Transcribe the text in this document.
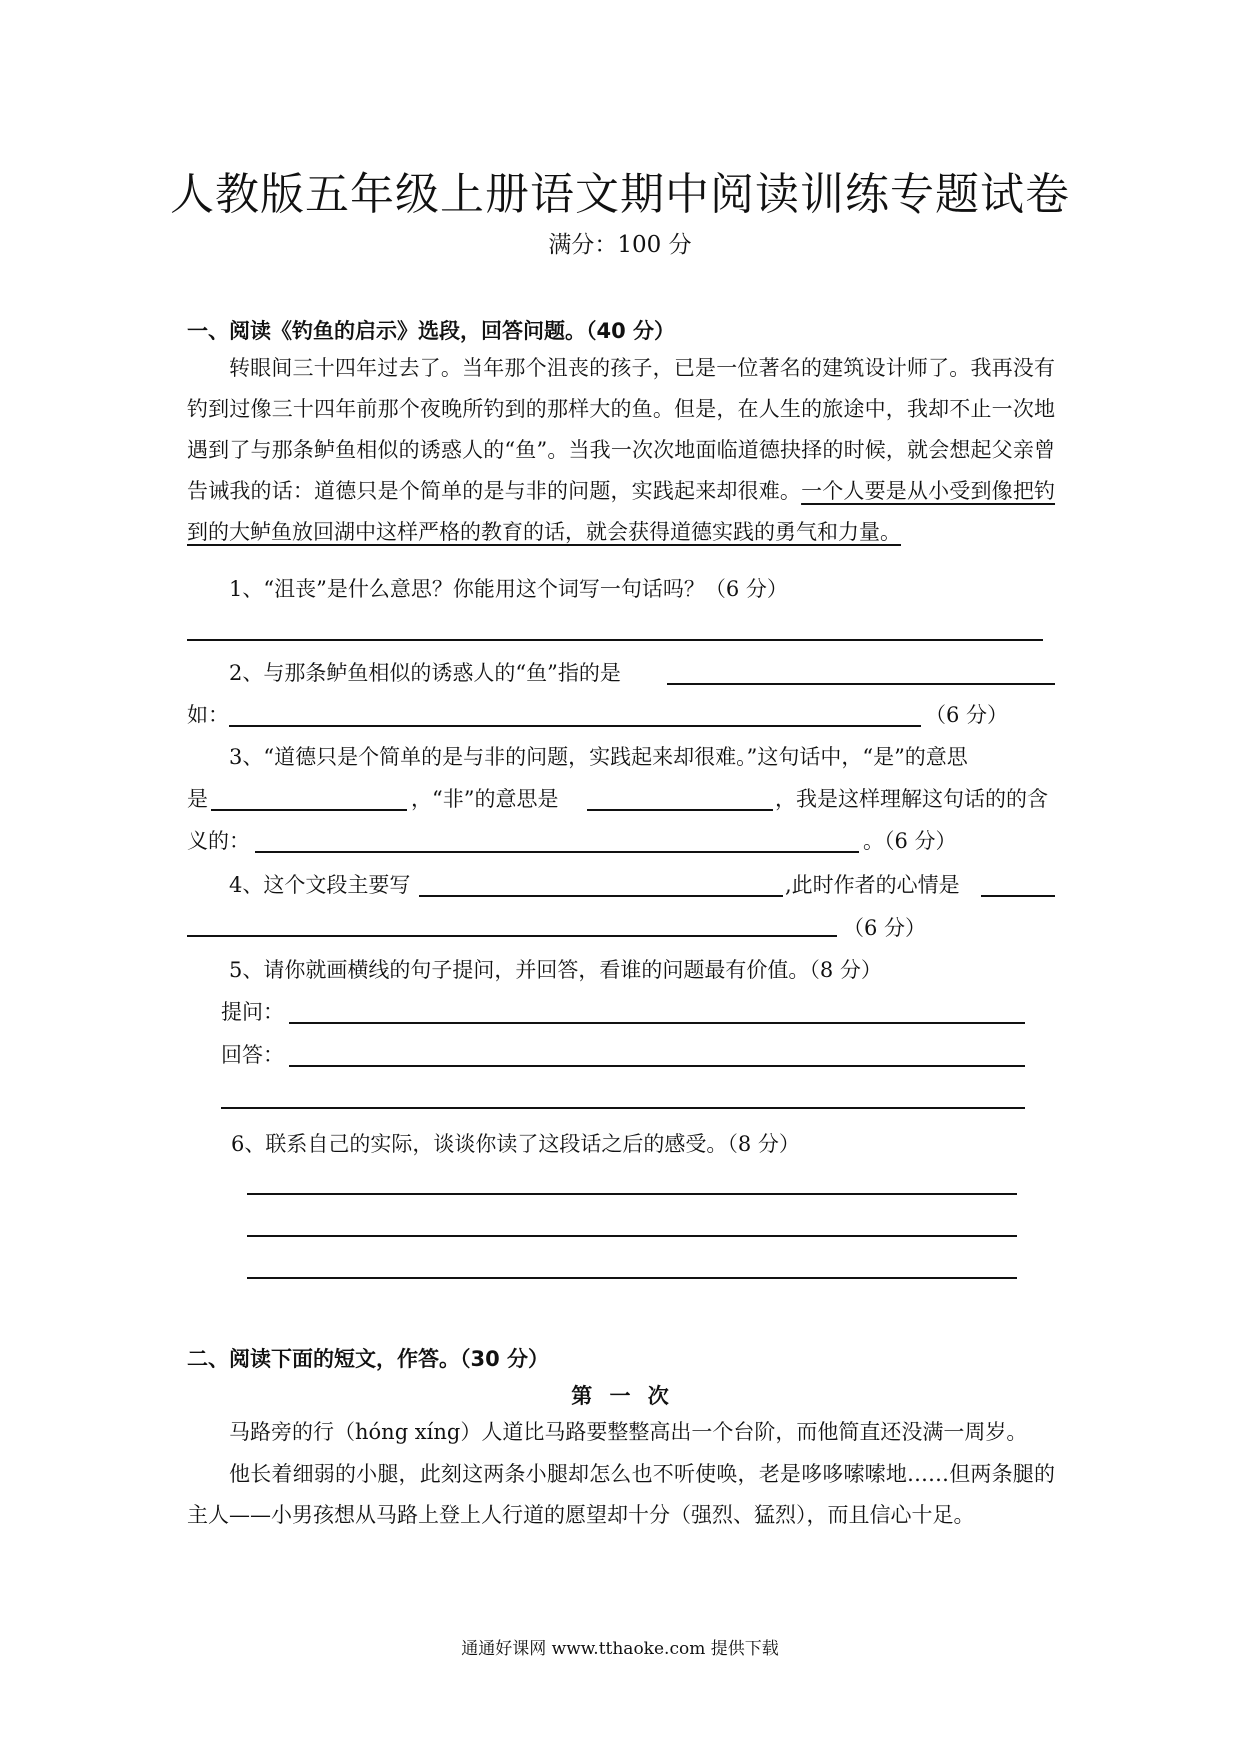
人教版五年级上册语文期中阅读训练专题试卷
满分：100 分
一、阅读《钓鱼的启示》选段，回答问题。（40 分）
转眼间三十四年过去了。当年那个沮丧的孩子，已是一位著名的建筑设计师了。我再没有钓到过像三十四年前那个夜晚所钓到的那样大的鱼。但是，在人生的旅途中，我却不止一次地遇到了与那条鲈鱼相似的诱惑人的“鱼”。当我一次次地面临道德抉择的时候，就会想起父亲曾告诫我的话：道德只是个简单的是与非的问题，实践起来却很难。一个人要是从小受到像把钓到的大鲈鱼放回湖中这样严格的教育的话，就会获得道德实践的勇气和力量。
1、“沮丧”是什么意思？你能用这个词写一句话吗？（6 分）
2、与那条鲈鱼相似的诱惑人的“鱼”指的是
如：	（6 分）
3、“道德只是个简单的是与非的问题，实践起来却很难。”这句话中，“是”的意思
是	，“非”的意思是	，我是这样理解这句话的的含
义的：	。（6 分）
4、这个文段主要写	,此时作者的心情是
（6 分）
5、请你就画横线的句子提问，并回答，看谁的问题最有价值。（8 分）
提问：
回答：
6、联系自己的实际，谈谈你读了这段话之后的感受。（8 分）
二、阅读下面的短文，作答。（30 分）
第 一 次
马路旁的行（hóng xíng）人道比马路要整整高出一个台阶，而他简直还没满一周岁。
他长着细弱的小腿，此刻这两条小腿却怎么也不听使唤，老是哆哆嗦嗦地……但两条腿的主人——小男孩想从马路上登上人行道的愿望却十分（强烈、猛烈），而且信心十足。
通通好课网 www.tthaoke.com 提供下载
